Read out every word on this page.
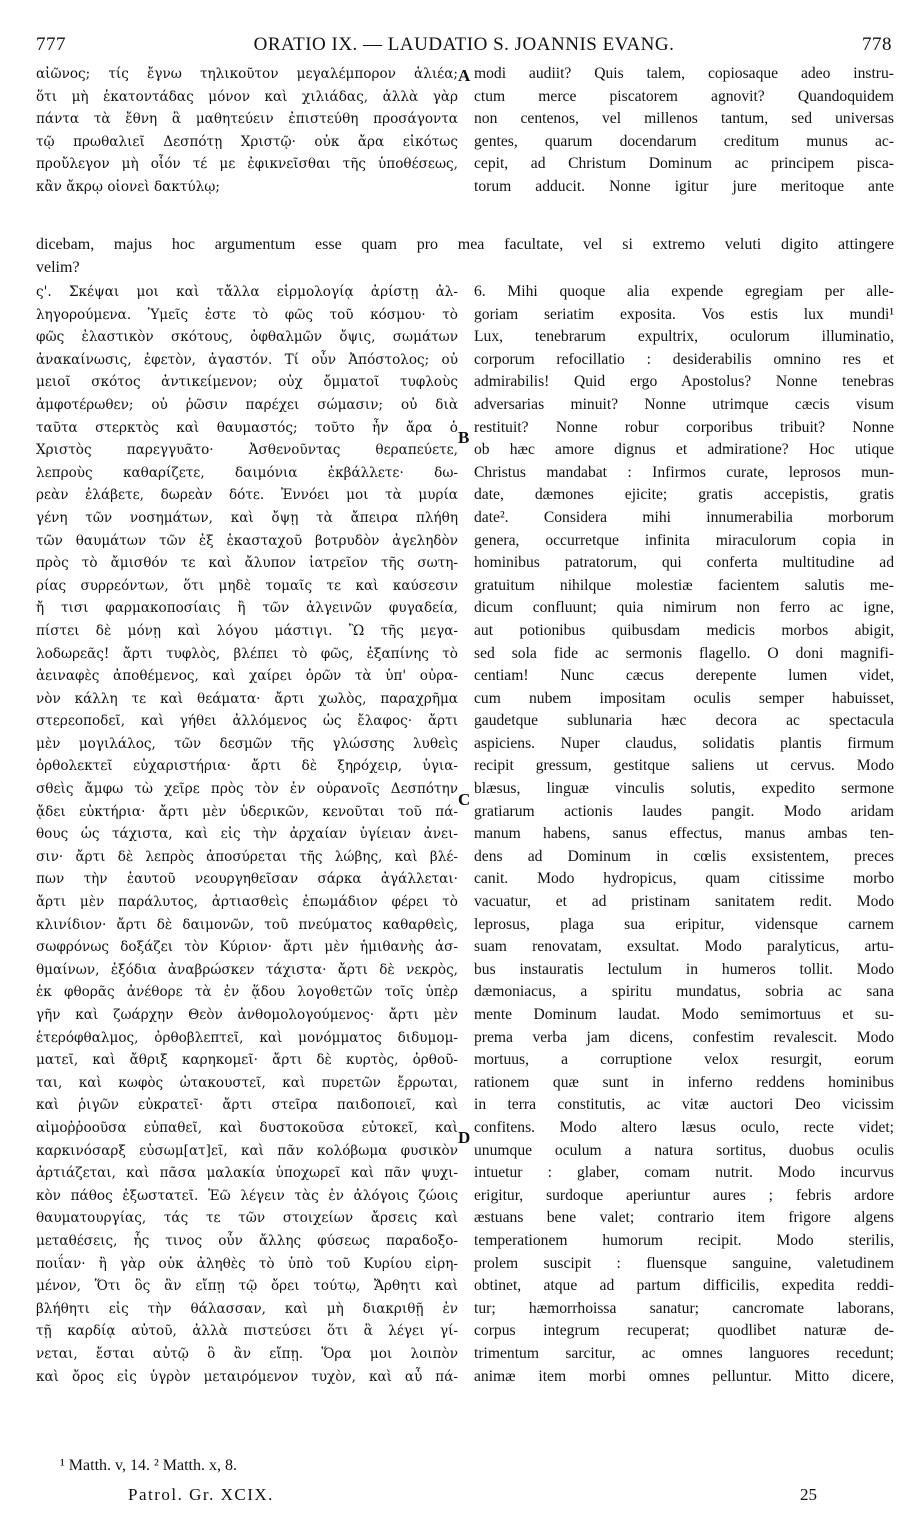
777	ORATIO IX. — LAUDATIO S. JOANNIS EVANG.	778
αἰῶνος; τίς ἔγνω τηλικοῦτον μεγαλέμπορον ἁλιέα;
ὅτι μὴ ἑκατοντάδας μόνον καὶ χιλιάδας, ἀλλὰ γὰρ
πάντα τὰ ἔθνη ἃ μαθητεύειν ἐπιστεύθη προσάγοντα
τῷ πρωθαλιεῖ Δεσπότῃ Χριστῷ· οὐκ ἄρα εἰκότως
προὔλεγον μὴ οἷόν τέ με ἐφικνεῖσθαι τῆς ὑποθέσεως,
κἂν ἄκρῳ οἱονεὶ δακτύλῳ;
modi audiit? Quis talem, copiosaque adeo instru-
ctum merce piscatorem agnovit? Quandoquidem
non centenos, vel millenos tantum, sed universas
gentes, quarum docendarum creditum munus ac-
cepit, ad Christum Dominum ac principem pisca-
torum adducit. Nonne igitur jure meritoque ante
dicebam, majus hoc argumentum esse quam pro mea facultate, vel si extremo veluti digito attingere
velim?
ς'. Σκέψαι μοι καὶ τἄλλα εἱρμολογίᾳ ἀρίστῃ ἀλ-
ληγορούμενα. Ὑμεῖς ἐστε τὸ φῶς τοῦ κόσμου· τὸ
φῶς ἐλαστικὸν σκότους, ὀφθαλμῶν ὄψις, σωμάτων
ἀνακαίνωσις, ἐφετὸν, ἀγαστόν. Τί οὖν Ἀπόστολος; οὐ
μειοῖ σκότος ἀντικείμενον; οὐχ ὄμματοῖ τυφλοὺς
ἀμφοτέρωθεν; οὐ ῥῶσιν παρέχει σώμασιν; οὐ διὰ
ταῦτα στερκτὸς καὶ θαυμαστός; τοῦτο ἦν ἄρα ὁ
Χριστὸς παρεγγυᾶτο· Ἀσθενοῦντας θεραπεύετε,
λεπροὺς καθαρίζετε, δαιμόνια ἐκβάλλετε· δω-
ρεὰν ἐλάβετε, δωρεὰν δότε. Ἐννόει μοι τὰ μυρία
γένη τῶν νοσημάτων, καὶ ὄψῃ τὰ ἄπειρα πλήθη
τῶν θαυμάτων τῶν ἐξ ἑκασταχοῦ βοτρυδὸν ἀγεληδὸν
πρὸς τὸ ἄμισθόν τε καὶ ἄλυπον ἰατρεῖον τῆς σωτη-
ρίας συρρεόντων, ὅτι μηδὲ τομαῖς τε καὶ καύσεσιν
ἤ τισι φαρμακοποσίαις ἢ τῶν ἀλγεινῶν φυγαδεία,
πίστει δὲ μόνῃ καὶ λόγου μάστιγι. Ὢ τῆς μεγα-
λοδωρεᾶς! ἄρτι τυφλὸς, βλέπει τὸ φῶς, ἐξαπίνης τὸ
ἀειναφὲς ἀποθέμενος, καὶ χαίρει ὁρῶν τὰ ὑπ' οὐρα-
νὸν κάλλη τε καὶ θεάματα· ἄρτι χωλὸς, παραχρῆμα
στερεοποδεῖ, καὶ γήθει ἀλλόμενος ὡς ἔλαφος· ἄρτι
μὲν μογιλάλος, τῶν δεσμῶν τῆς γλώσσης λυθεὶς
ὀρθολεκτεῖ εὐχαριστήρια· ἄρτι δὲ ξηρόχειρ, ὑγια-
σθεὶς ἄμφω τὼ χεῖρε πρὸς τὸν ἐν οὐρανοῖς Δεσπότην
ᾄδει εὐκτήρια· ἄρτι μὲν ὑδερικῶν, κενοῦται τοῦ πά-
θους ὡς τάχιστα, καὶ εἰς τὴν ἀρχαίαν ὑγίειαν ἀνει-
σιν· ἄρτι δὲ λεπρὸς ἀποσύρεται τῆς λώβης, καὶ βλέ-
πων τὴν ἑαυτοῦ νεουργηθεῖσαν σάρκα ἀγάλλεται·
ἄρτι μὲν παράλυτος, ἀρτιασθεὶς ἐπωμάδιον φέρει τὸ
κλινίδιον· ἄρτι δὲ δαιμονῶν, τοῦ πνεύματος καθαρθεὶς,
σωφρόνως δοξάζει τὸν Κύριον· ἄρτι μὲν ἡμιθανὴς ἀσ-
θμαίνων, ἐξόδια ἀναβρώσκεν τάχιστα· ἄρτι δὲ νεκρὸς,
ἐκ φθορᾶς ἀνέθορε τὰ ἐν ᾅδου λογοθετῶν τοῖς ὑπὲρ
γῆν καὶ ζωάρχην Θεὸν ἀνθομολογούμενος· ἄρτι μὲν
ἑτερόφθαλμος, ὀρθοβλεπτεῖ, καὶ μονόμματος διδυμομ-
ματεῖ, καὶ ἄθριξ καρηκομεῖ· ἄρτι δὲ κυρτὸς, ὀρθοῦ-
ται, καὶ κωφὸς ὠτακουστεῖ, καὶ πυρετῶν ἔρρωται,
καὶ ῥιγῶν εὐκρατεῖ· ἄρτι στεῖρα παιδοποιεῖ, καὶ
αἱμοῤῥοοῦσα εὐπαθεῖ, καὶ δυστοκοῦσα εὐτοκεῖ, καὶ
καρκινόσαρξ εὐσωμ[ατ]εῖ, καὶ πᾶν κολόβωμα φυσικὸν
ἀρτιάζεται, καὶ πᾶσα μαλακία ὑποχωρεῖ καὶ πᾶν ψυχι-
κὸν πάθος ἐξωστατεῖ. Ἐῶ λέγειν τὰς ἐν ἀλόγοις ζώοις
θαυματουργίας, τάς τε τῶν στοιχείων ἄρσεις καὶ
μεταθέσεις, ἧς τινος οὖν ἄλλης φύσεως παραδοξο-
ποιΐαν· ἢ γὰρ οὐκ ἀληθὲς τὸ ὑπὸ τοῦ Κυρίου εἰρη-
μένον, Ὅτι ὃς ἂν εἴπῃ τῷ ὄρει τούτῳ, Ἄρθητι καὶ
βλήθητι εἰς τὴν θάλασσαν, καὶ μὴ διακριθῇ ἐν
τῇ καρδίᾳ αὐτοῦ, ἀλλὰ πιστεύσει ὅτι ἃ λέγει γί-
νεται, ἔσται αὐτῷ ὃ ἂν εἴπῃ. Ὅρα μοι λοιπὸν
καὶ ὄρος εἰς ὑγρὸν μεταιρόμενον τυχὸν, καὶ αὖ πά-
6. Mihi quoque alia expende egregiam per alle-
goriam seriatim exposita. Vos estis lux mundi¹
Lux, tenebrarum expultrix, oculorum illuminatio,
corporum refocillatio : desiderabilis omnino res et
admirabilis! Quid ergo Apostolus? Nonne tenebras
adversarias minuit? Nonne utrimque cæcis visum
restituit? Nonne robur corporibus tribuit? Nonne
ob hæc amore dignus et admiratione? Hoc utique
Christus mandabat : Infirmos curate, leprosos mun-
date, dæmones ejicite; gratis accepistis, gratis
date². Considera mihi innumerabilia morborum
genera, occurretque infinita miraculorum copia in
hominibus patratorum, qui conferta multitudine ad
gratuitum nihilque molestiæ facientem salutis me-
dicum confluunt; quia nimirum non ferro ac igne,
aut potionibus quibusdam medicis morbos abigit,
sed sola fide ac sermonis flagello. O doni magnifi-
centiam! Nunc cæcus derepente lumen videt,
cum nubem impositam oculis semper habuisset,
gaudetque sublunaria hæc decora ac spectacula
aspiciens. Nuper claudus, solidatis plantis firmum
recipit gressum, gestitque saliens ut cervus. Modo
blæsus, linguæ vinculis solutis, expedito sermone
gratiarum actionis laudes pangit. Modo aridam
manum habens, sanus effectus, manus ambas ten-
dens ad Dominum in cœlis exsistentem, preces
canit. Modo hydropicus, quam citissime morbo
vacuatur, et ad pristinam sanitatem redit. Modo
leprosus, plaga sua eripitur, vidensque carnem
suam renovatam, exsultat. Modo paralyticus, artu-
bus instauratis lectulum in humeros tollit. Modo
dæmoniacus, a spiritu mundatus, sobria ac sana
mente Dominum laudat. Modo semimortuus et su-
prema verba jam dicens, confestim revalescit. Modo
mortuus, a corruptione velox resurgit, eorum
rationem quæ sunt in inferno reddens hominibus
in terra constitutis, ac vitæ auctori Deo vicissim
confitens. Modo altero læsus oculo, recte videt;
unumque oculum a natura sortitus, duobus oculis
intuetur : glaber, comam nutrit. Modo incurvus
erigitur, surdoque aperiuntur aures ; febris ardore
æstuans bene valet; contrario item frigore algens
temperationem humorum recipit. Modo sterilis,
prolem suscipit : fluensque sanguine, valetudinem
obtinet, atque ad partum difficilis, expedita reddi-
tur; hæmorrhoissa sanatur; cancromate laborans,
corpus integrum recuperat; quodlibet naturæ de-
trimentum sarcitur, ac omnes languores recedunt;
animæ item morbi omnes pelluntur. Mitto dicere,
A
B
C
D
¹ Matth. v, 14. ² Matth. x, 8.
Patrol. Gr. XCIX.	25
